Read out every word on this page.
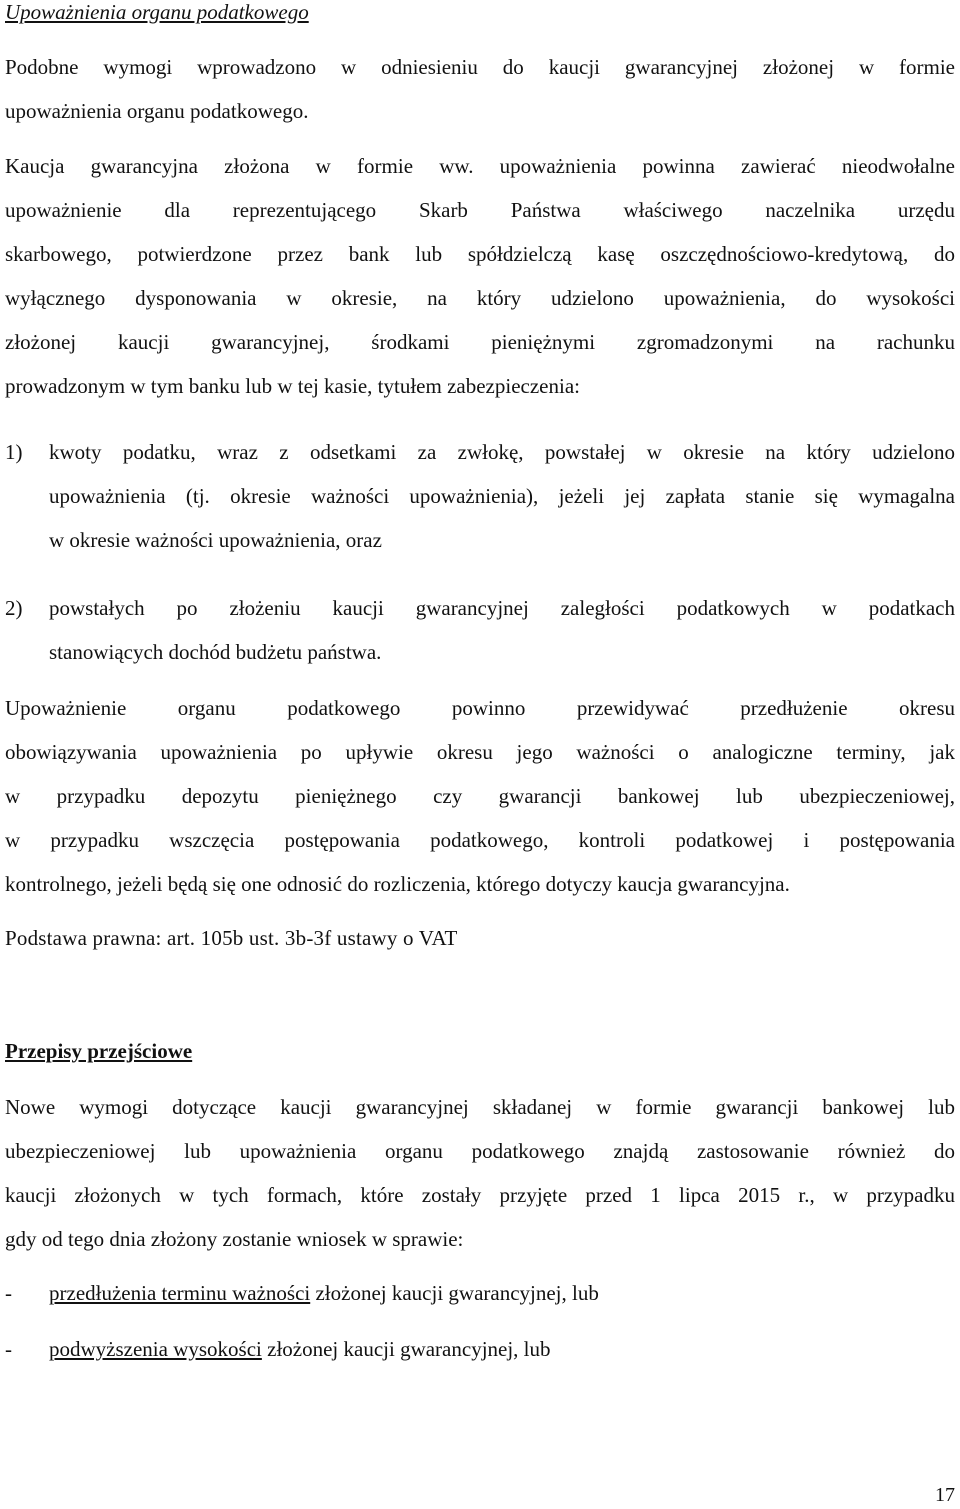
Upoważnienia organu podatkowego
Podobne wymogi wprowadzono w odniesieniu do kaucji gwarancyjnej złożonej w formie
upoważnienia organu podatkowego.
Kaucja gwarancyjna złożona w formie ww. upoważnienia powinna zawierać nieodwołalne
upoważnienie dla reprezentującego Skarb Państwa właściwego naczelnika urzędu
skarbowego, potwierdzone przez bank lub spółdzielczą kasę oszczędnościowo-kredytową, do
wyłącznego dysponowania w okresie, na który udzielono upoważnienia, do wysokości
złożonej kaucji gwarancyjnej, środkami pieniężnymi zgromadzonymi na rachunku
prowadzonym w tym banku lub w tej kasie, tytułem zabezpieczenia:
1) kwoty podatku, wraz z odsetkami za zwłokę, powstałej w okresie na który udzielono
upoważnienia (tj. okresie ważności upoważnienia), jeżeli jej zapłata stanie się wymagalna
w okresie ważności upoważnienia, oraz
2) powstałych po złożeniu kaucji gwarancyjnej zaległości podatkowych w podatkach
stanowiących dochód budżetu państwa.
Upoważnienie organu podatkowego powinno przewidywać przedłużenie okresu
obowiązywania upoważnienia po upływie okresu jego ważności o analogiczne terminy, jak
w przypadku depozytu pieniężnego czy gwarancji bankowej lub ubezpieczeniowej,
w przypadku wszczęcia postępowania podatkowego, kontroli podatkowej i postępowania
kontrolnego, jeżeli będą się one odnosić do rozliczenia, którego dotyczy kaucja gwarancyjna.
Podstawa prawna: art. 105b ust. 3b-3f ustawy o VAT
Przepisy przejściowe
Nowe wymogi dotyczące kaucji gwarancyjnej składanej w formie gwarancji bankowej lub
ubezpieczeniowej lub upoważnienia organu podatkowego znajdą zastosowanie również do
kaucji złożonych w tych formach, które zostały przyjęte przed 1 lipca 2015 r., w przypadku
gdy od tego dnia złożony zostanie wniosek w sprawie:
- przedłużenia terminu ważności złożonej kaucji gwarancyjnej, lub
- podwyższenia wysokości złożonej kaucji gwarancyjnej, lub
17
